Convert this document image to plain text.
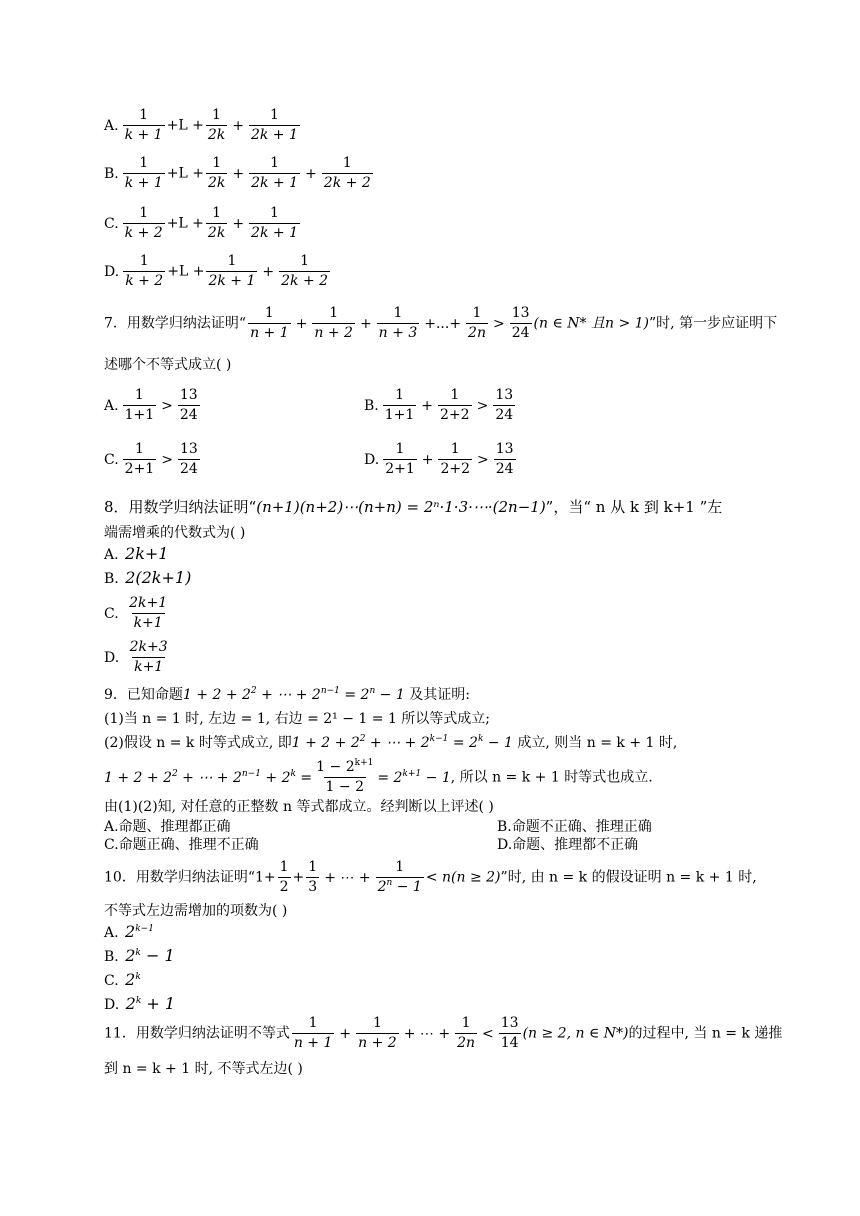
A. $\frac{1}{k + 1} +L + \frac{1}{2k} + \frac{1}{2k + 1}$
B. $\frac{1}{k + 1} +L + \frac{1}{2k} + \frac{1}{2k + 1} + \frac{1}{2k + 2}$
C. $\frac{1}{k + 2} +L + \frac{1}{2k} + \frac{1}{2k + 1}$
D. $\frac{1}{k + 2} +L + \frac{1}{2k + 1} + \frac{1}{2k + 2}$
7．用数学归纳法证明“ $\frac{1}{n + 1} + \frac{1}{n + 2} + \frac{1}{n + 3}$ +...+ $\frac{1}{2n} > \frac{13}{24} (n$ ∈ N* 且n > 1)”时, 第一步应证明下
述哪个不等式成立( )
A. $\frac{1}{1+1} > \frac{13}{24}$	B. $\frac{1}{1+1} + \frac{1}{2+2} > \frac{13}{24}$
C. $\frac{1}{2+1} > \frac{13}{24}$	D. $\frac{1}{2+1} + \frac{1}{2+2} > \frac{13}{24}$
8．用数学归纳法证明“(n+1)(n+2)⋯(n+n) = 2ⁿ·1·3·⋯·(2n−1)”，当“ n 从 k 到 k+1 ”左
端需增乘的代数式为( )
A. 2k+1
B. 2(2k+1)
C. $\frac{2k+1}{k+1}$
D. $\frac{2k+3}{k+1}$
9．已知命题$1 + 2 + 2^2$ + ⋯ + $2^{n-1} = 2^n - 1$ 及其证明:
(1)当 n = 1 时, 左边 = 1, 右边 = 2¹ − 1 = 1 所以等式成立;
(2)假设 n = k 时等式成立, 即$1 + 2 + 2^2$ + ⋯ + $2^{k-1} = 2^k - 1$ 成立, 则当 n = k + 1 时,
$1 + 2 + 2^2$ + ⋯ + $2^{n-1} + 2^k = \frac{1 - 2^{k+1}}{1 - 2} = 2^{k+1} - 1$, 所以 n = k + 1 时等式也成立.
由(1)(2)知, 对任意的正整数 n 等式都成立。经判断以上评述( )
A.命题、推理都正确	B.命题不正确、推理正确
C.命题正确、推理不正确	D.命题、推理都不正确
10．用数学归纳法证明“$1+ \frac{1}{2} + \frac{1}{3}$ + ⋯ + $\frac{1}{2^n - 1} < n(n \ge 2)$”时, 由 n = k 的假设证明 n = k + 1 时,
不等式左边需增加的项数为( )
A. $2^{k-1}$
B. $2^k - 1$
C. 2$^k$
D. $2^k + 1$
11．用数学归纳法证明不等式 $\frac{1}{n + 1} + \frac{1}{n + 2}$ + ⋯ + $\frac{1}{2n} < \frac{13}{14} (n \ge 2$, n ∈ N*)的过程中, 当 n = k 递推
到 n = k + 1 时, 不等式左边( )
